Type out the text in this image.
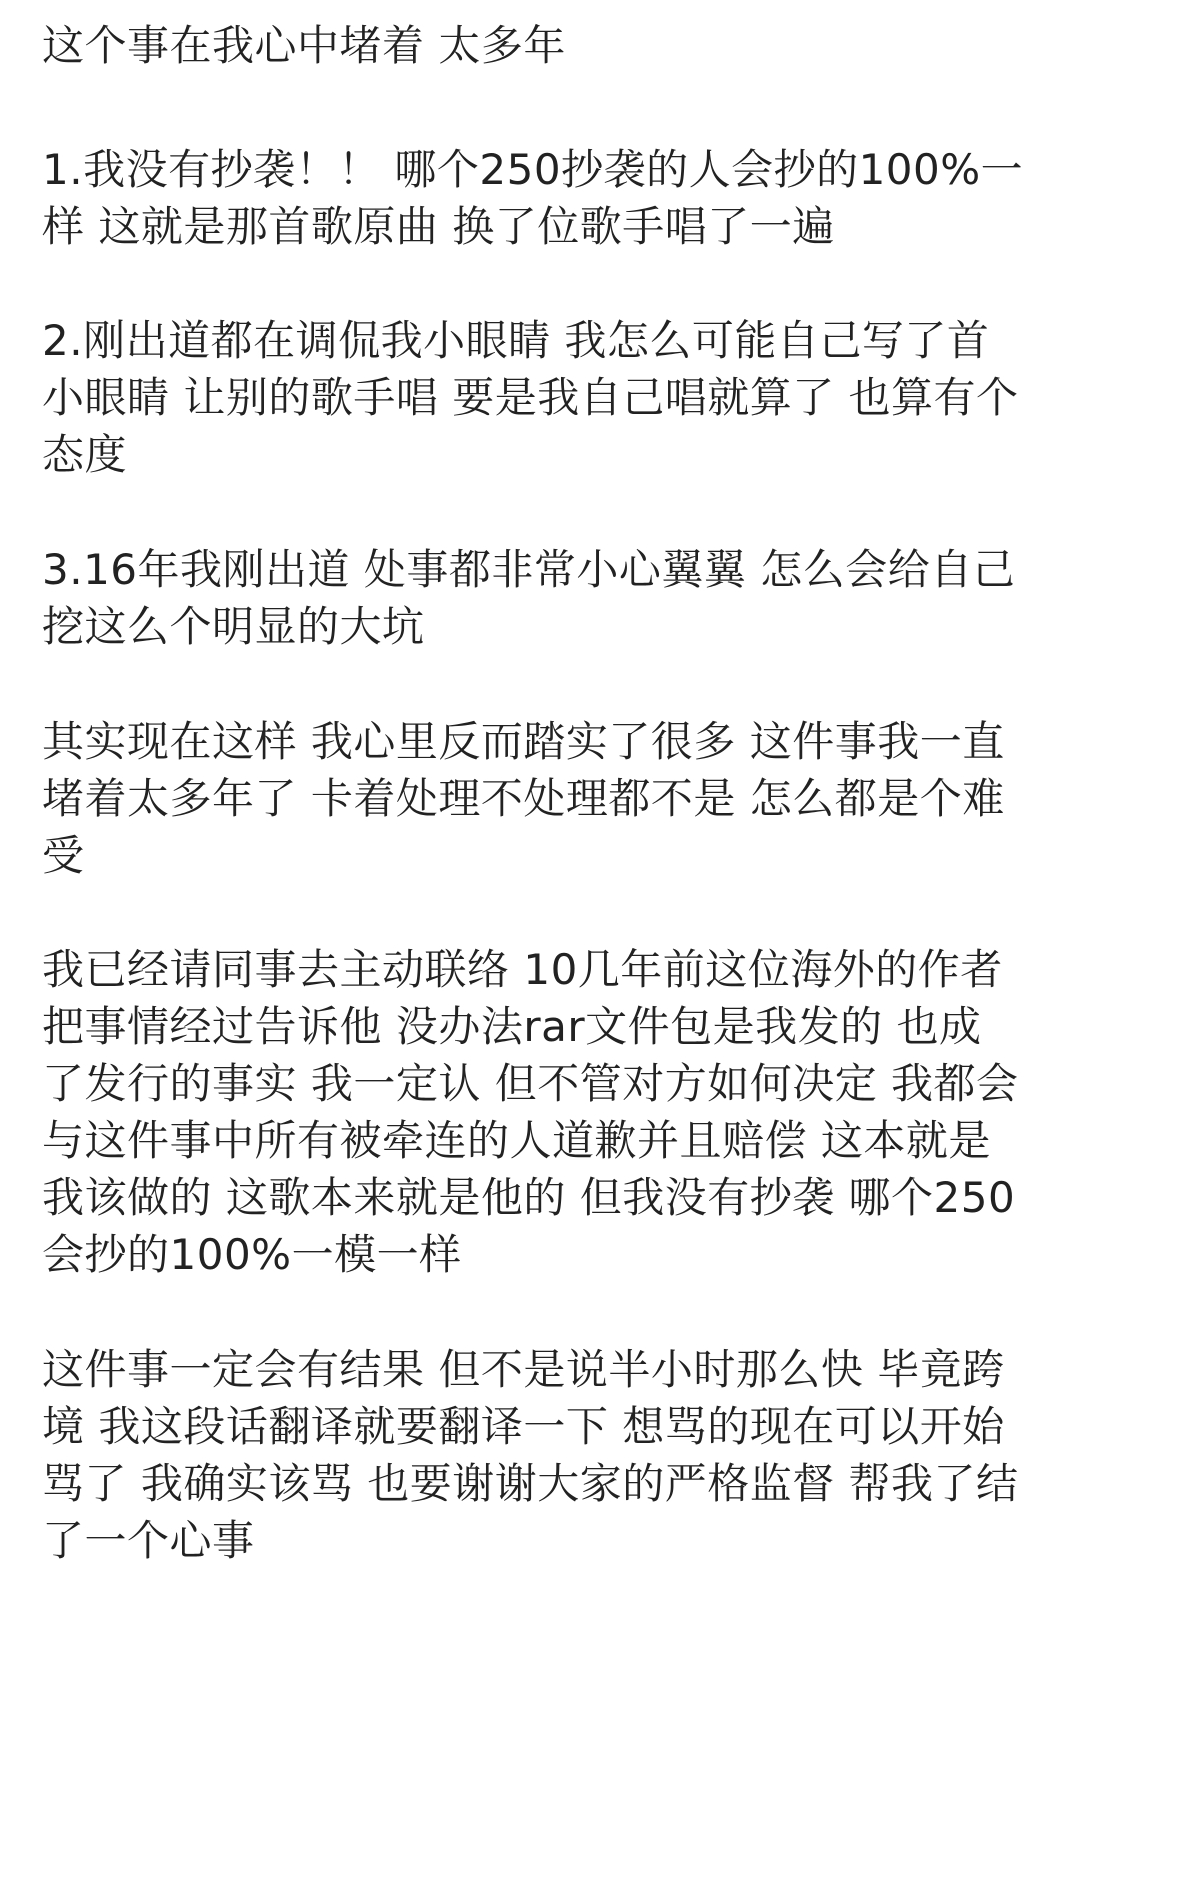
这个事在我心中堵着 太多年
1.我没有抄袭！！ 哪个250抄袭的人会抄的100%一
样 这就是那首歌原曲 换了位歌手唱了一遍
2.刚出道都在调侃我小眼睛 我怎么可能自己写了首
小眼睛 让别的歌手唱 要是我自己唱就算了 也算有个
态度
3.16年我刚出道 处事都非常小心翼翼 怎么会给自己
挖这么个明显的大坑
其实现在这样 我心里反而踏实了很多 这件事我一直
堵着太多年了 卡着处理不处理都不是 怎么都是个难
受
我已经请同事去主动联络 10几年前这位海外的作者
把事情经过告诉他 没办法rar文件包是我发的 也成
了发行的事实 我一定认 但不管对方如何决定 我都会
与这件事中所有被牵连的人道歉并且赔偿 这本就是
我该做的 这歌本来就是他的 但我没有抄袭 哪个250
会抄的100%一模一样
这件事一定会有结果 但不是说半小时那么快 毕竟跨
境 我这段话翻译就要翻译一下 想骂的现在可以开始
骂了 我确实该骂 也要谢谢大家的严格监督 帮我了结
了一个心事
